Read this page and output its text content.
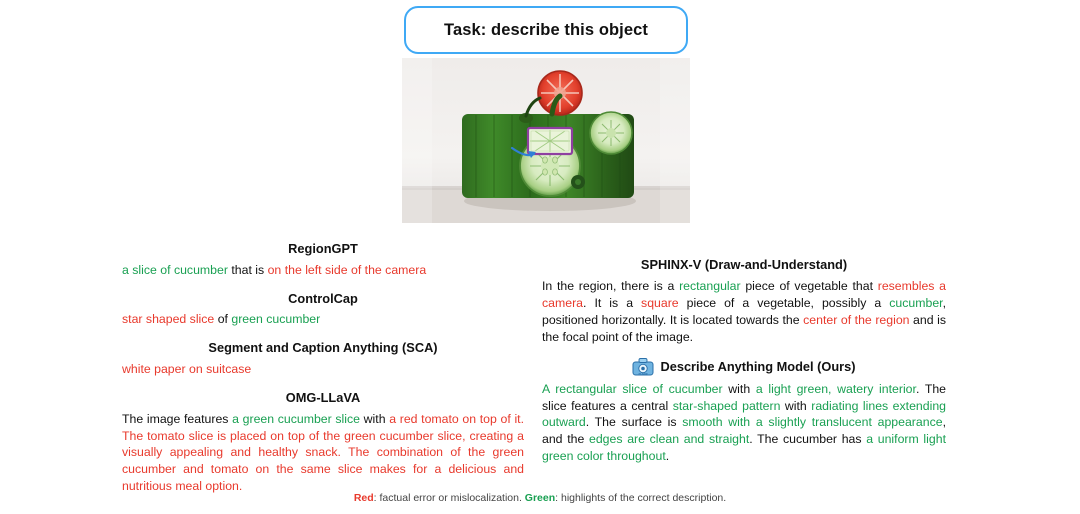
Task: describe this object
RegionGPT

a slice of cucumber that is on the left side of the camera

ControlCap

star shaped slice of green cucumber

Segment and Caption Anything (SCA)

white paper on suitcase

OMG-LLaVA

The image features a green cucumber slice with a red tomato on top of it. The tomato slice is placed on top of the green cucumber slice, creating a visually appealing and healthy snack. The combination of the green cucumber and tomato on the same slice makes for a delicious and nutritious meal option.

SPHINX-V (Draw-and-Understand)

In the region, there is a rectangular piece of vegetable that resembles a camera. It is a square piece of a vegetable, possibly a cucumber, positioned horizontally. It is located towards the center of the region and is the focal point of the image.

DAM Describe Anything Model (Ours)

A rectangular slice of cucumber with a light green, watery interior. The slice features a central star-shaped pattern with radiating lines extending outward. The surface is smooth with a slightly translucent appearance, and the edges are clean and straight. The cucumber has a uniform light green color throughout.

Red: factual error or mislocalization. Green: highlights of the correct description.
